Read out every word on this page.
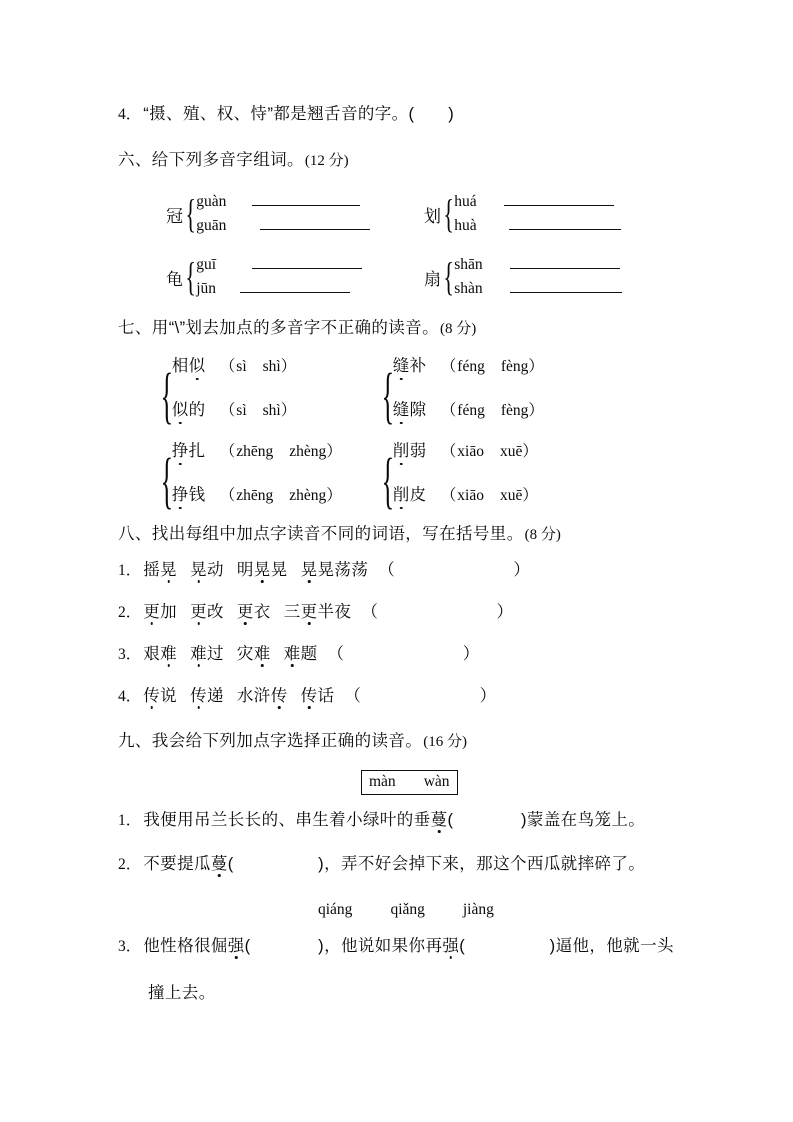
4． “摄、殖、权、恃”都是翘舌音的字。(　　)
六、给下列多音字组词。 (12 分)
冠 { guàn
guān	划 { huá
huà
龟 { guī
jūn	扇 { shān
shàn
七、用“\”划去加点的多音字不正确的读音。 (8 分)
{
相似 （sì shì）
似的 （sì shì） {
缝补 （féng fèng）
缝隙 （féng fèng）
{
挣扎 （zhēng zhèng）
挣钱 （zhēng zhèng） {
削弱 （xiāo xuē）
削皮 （xiāo xuē）
八、找出每组中加点字读音不同的词语，写在括号里。 (8 分)
1． 摇晃 晃动 明晃晃 晃晃荡荡 （　　　　　　　）
2． 更加 更改 更衣 三更半夜 （　　　　　　　）
3． 艰难 难过 灾难 难题 （　　　　　　　）
4． 传说 传递 水浒传 传话 （　　　　　　　）
九、我会给下列加点字选择正确的读音。 (16 分)
màn wàn
1． 我便用吊兰长长的、串生着小绿叶的垂蔓(　　　　)蒙盖在鸟笼上。
2． 不要提瓜蔓(　　　　　)，弄不好会掉下来，那这个西瓜就摔碎了。
qiáng qiǎng jiàng
3． 他性格很倔强(　　　　)，他说如果你再强(　　　　　)逼他，他就一头
撞上去。
